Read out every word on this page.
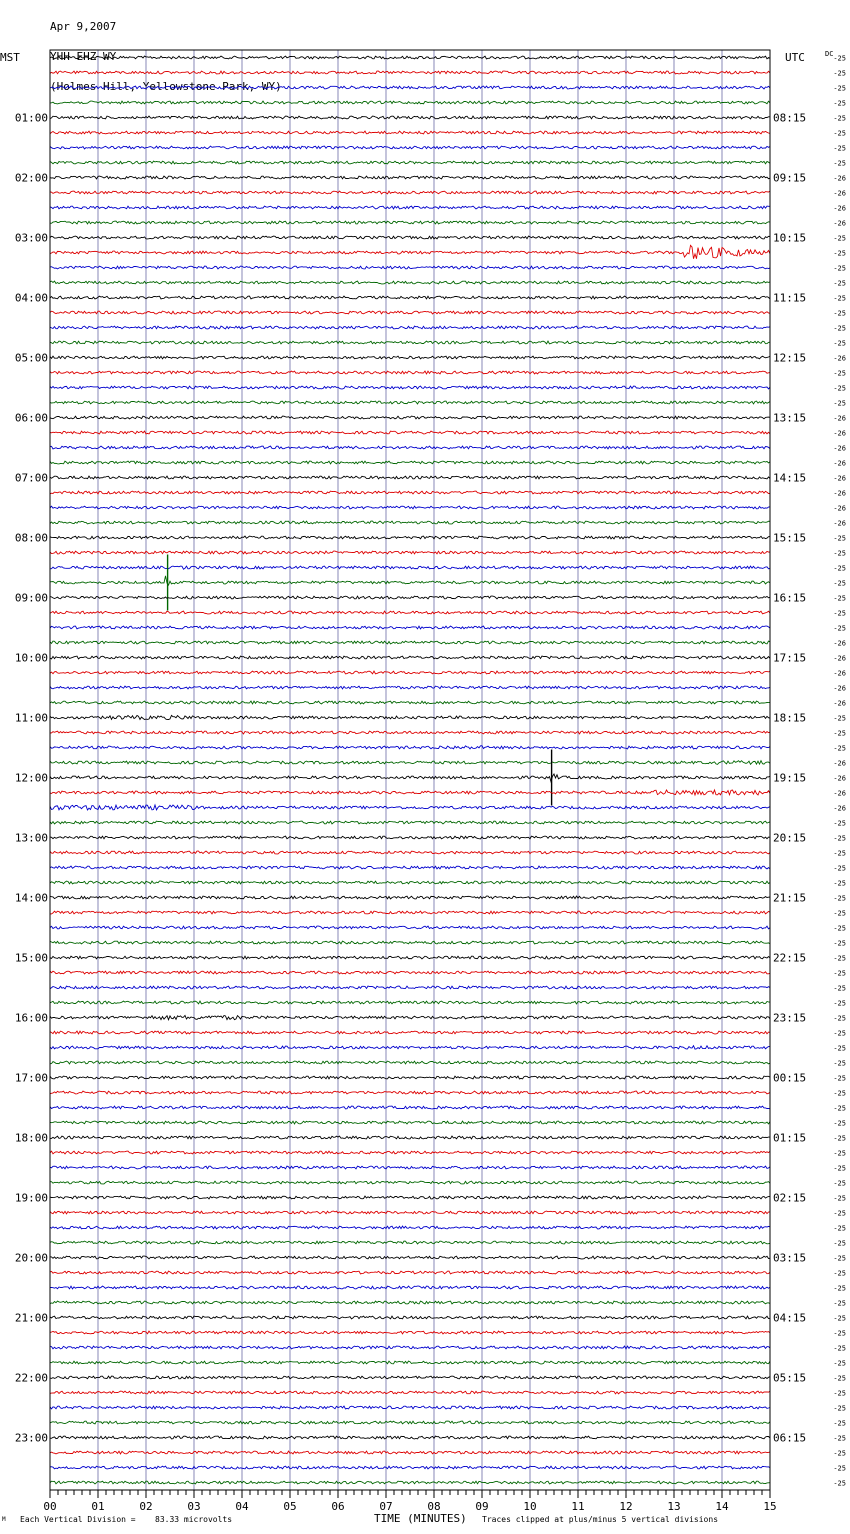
Apr 9,2007

YHH EHZ WY

(Holmes Hill, Yellowstone Park, WY)

MST	UTC	-25
-25
-25
-25
-25
-25
-25
-25
-26
-26
-26
-26
-25
-25
-25
-25
-25
-25
-25
-25
-26
-25
-25
-25
-26
-26
-26
-26
-26
-26
-26
-26
-25
-25
-25
-25
-25
-25
-25
-26
-26
-26
-26
-26
-25
-25
-25
-26
-26
-26
-26
-25
-25
-25
-25
-25
-25
-25
-25
-25
-25
-25
-25
-25
-25
-25
-25
-25
-25
-25
-25
-25
-25
-25
-25
-25
-25
-25
-25
-25
-25
-25
-25
-25
-25
-25
-25
-25
-25
-25
-25
-25
-25
-25
-25
-25
01:00
02:00
03:00
04:00
05:00
06:00
07:00
08:00
09:00
10:00
11:00
12:00
13:00
14:00
15:00
16:00
17:00
18:00
19:00
20:00
21:00
22:00
23:00
08:15
09:15
10:15
11:15
12:15
13:15
14:15
15:15
16:15
17:15
18:15
19:15
20:15
21:15
22:15
23:15
00:15
01:15
02:15
03:15
04:15
05:15
06:15
DC
00	01	02	03	04	05	06	07	08	09	10	11	12	13	14	15
TIME (MINUTES)
M Each Vertical Division = 83.33 microvolts	Traces clipped at plus/minus 5 vertical divisions
